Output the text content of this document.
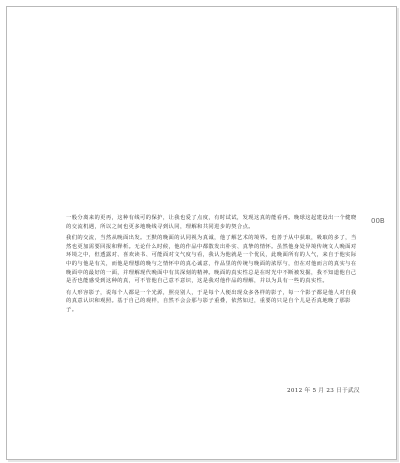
00B

一般分离来的更再，这种有线可的保护，让我也爱了点度，有时试试，发现这真的能看再。晚球这起建设出一个健晓的交流机遇，所以之间也更多地晚线寻到认同，理解和共同进步的契合点。

我们的交流，当然从晚面出发。王默的晚面的认同视为真诚，他了解艺术的境界。也善于从中获取，吸取的多了，当然也更加需要回报和释析。无论什么时候，他的作品中都散发出朴实、真挚的情怀。虽然他身处异境传统文人晚面对环境之中，但透露对、喜欢读书、可能面对文气度与看，我认为他就是一个优民，此晚面所有的人气，来自于他实际中的与他是有关，而他是理想的晚与之情怀中的真心诚意，作品里的传统与晚面的浓厚与，但在对他而言的真实与在晚面中的最好的一面，并理解现代晚面中有其深刻的精神。晚面的真实性总是在时光中不断被发掘，我不知道他自己是否也能感受到这种的真，可不管他自己意不意识，这是我对他作品的理解，并以为具有一些的真实性。

有人形容影子，说每个人都是一个光源，照亮别人，于是每个人便出现众多各样的影子，每一个影子都是他人对自我的真意认识和观照。基于自己的观样，自然不会会那与影子重叠，依然如过，重要的只是自个儿是否真地晚了那影子。

2012 年 5 月 23 日于武汉
